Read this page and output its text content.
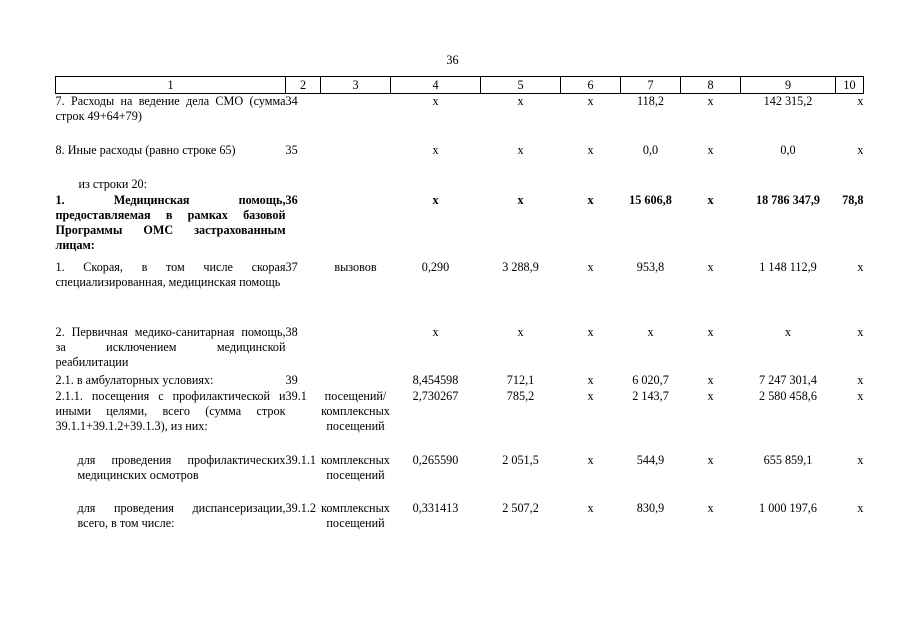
36
1	2	3	4	5	6	7	8	9	10
7. Расходы на ведение дела СМО (сумма строк 49+64+79)	34		х	х	х	118,2	х	142 315,2	х
8. Иные расходы (равно строке 65)	35		х	х	х	0,0	х	0,0	х
из строки 20:									
1. Медицинская помощь, предоставляемая в рамках базовой Программы ОМС застрахованным лицам:	36		х	х	х	15 606,8	х	18 786 347,9	78,8
1. Скорая, в том числе скорая специализированная, медицинская помощь	37	вызовов	0,290	3 288,9	х	953,8	х	1 148 112,9	х
2. Первичная медико-санитарная помощь, за исключением медицинской реабилитации	38		х	х	х	х	х	х	х
2.1. в амбулаторных условиях:	39		8,454598	712,1	х	6 020,7	х	7 247 301,4	х
2.1.1. посещения с профилактической и иными целями, всего (сумма строк 39.1.1+39.1.2+39.1.3), из них:	39.1	посещений/ комплексных посещений	2,730267	785,2	х	2 143,7	х	2 580 458,6	х
для проведения профилактических медицинских осмотров	39.1.1	комплексных посещений	0,265590	2 051,5	х	544,9	х	655 859,1	х
для проведения диспансеризации, всего, в том числе:	39.1.2	комплексных посещений	0,331413	2 507,2	х	830,9	х	1 000 197,6	х
